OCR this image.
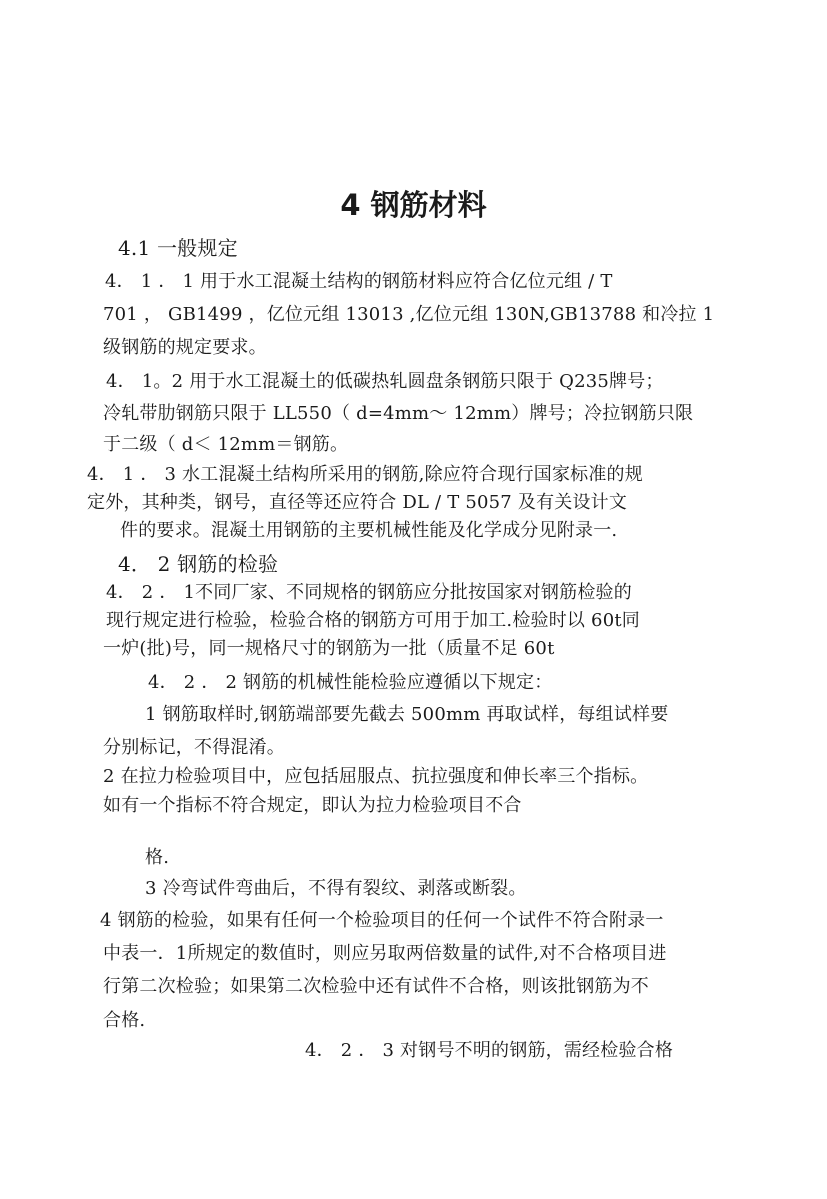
4 钢筋材料
4.1 一般规定
4． 1 ． 1 用于水工混凝土结构的钢筋材料应符合亿位元组 / T
701 ， GB1499 ，亿位元组 13013 ,亿位元组 130N,GB13788 和冷拉 1
级钢筋的规定要求。
4． 1。2 用于水工混凝土的低碳热轧圆盘条钢筋只限于 Q235牌号；
冷轧带肋钢筋只限于 LL550（ d=4mm～ 12mm）牌号；冷拉钢筋只限
于二级（ d＜ 12mm＝钢筋。
4． 1 ． 3 水工混凝土结构所采用的钢筋,除应符合现行国家标准的规
定外，其种类，钢号，直径等还应符合 DL / T 5057 及有关设计文
件的要求。混凝土用钢筋的主要机械性能及化学成分见附录一.
4． 2 钢筋的检验
4． 2 ． 1不同厂家、不同规格的钢筋应分批按国家对钢筋检验的
现行规定进行检验，检验合格的钢筋方可用于加工.检验时以 60t同
一炉(批)号，同一规格尺寸的钢筋为一批（质量不足 60t
4． 2 ． 2 钢筋的机械性能检验应遵循以下规定：
1 钢筋取样时,钢筋端部要先截去 500mm 再取试样，每组试样要
分别标记，不得混淆。
2 在拉力检验项目中，应包括屈服点、抗拉强度和伸长率三个指标。
如有一个指标不符合规定，即认为拉力检验项目不合
格.
3 冷弯试件弯曲后，不得有裂纹、剥落或断裂。
4 钢筋的检验，如果有任何一个检验项目的任何一个试件不符合附录一
中表一．1所规定的数值时，则应另取两倍数量的试件,对不合格项目进
行第二次检验；如果第二次检验中还有试件不合格，则该批钢筋为不
合格.
4． 2 ． 3 对钢号不明的钢筋，需经检验合格
